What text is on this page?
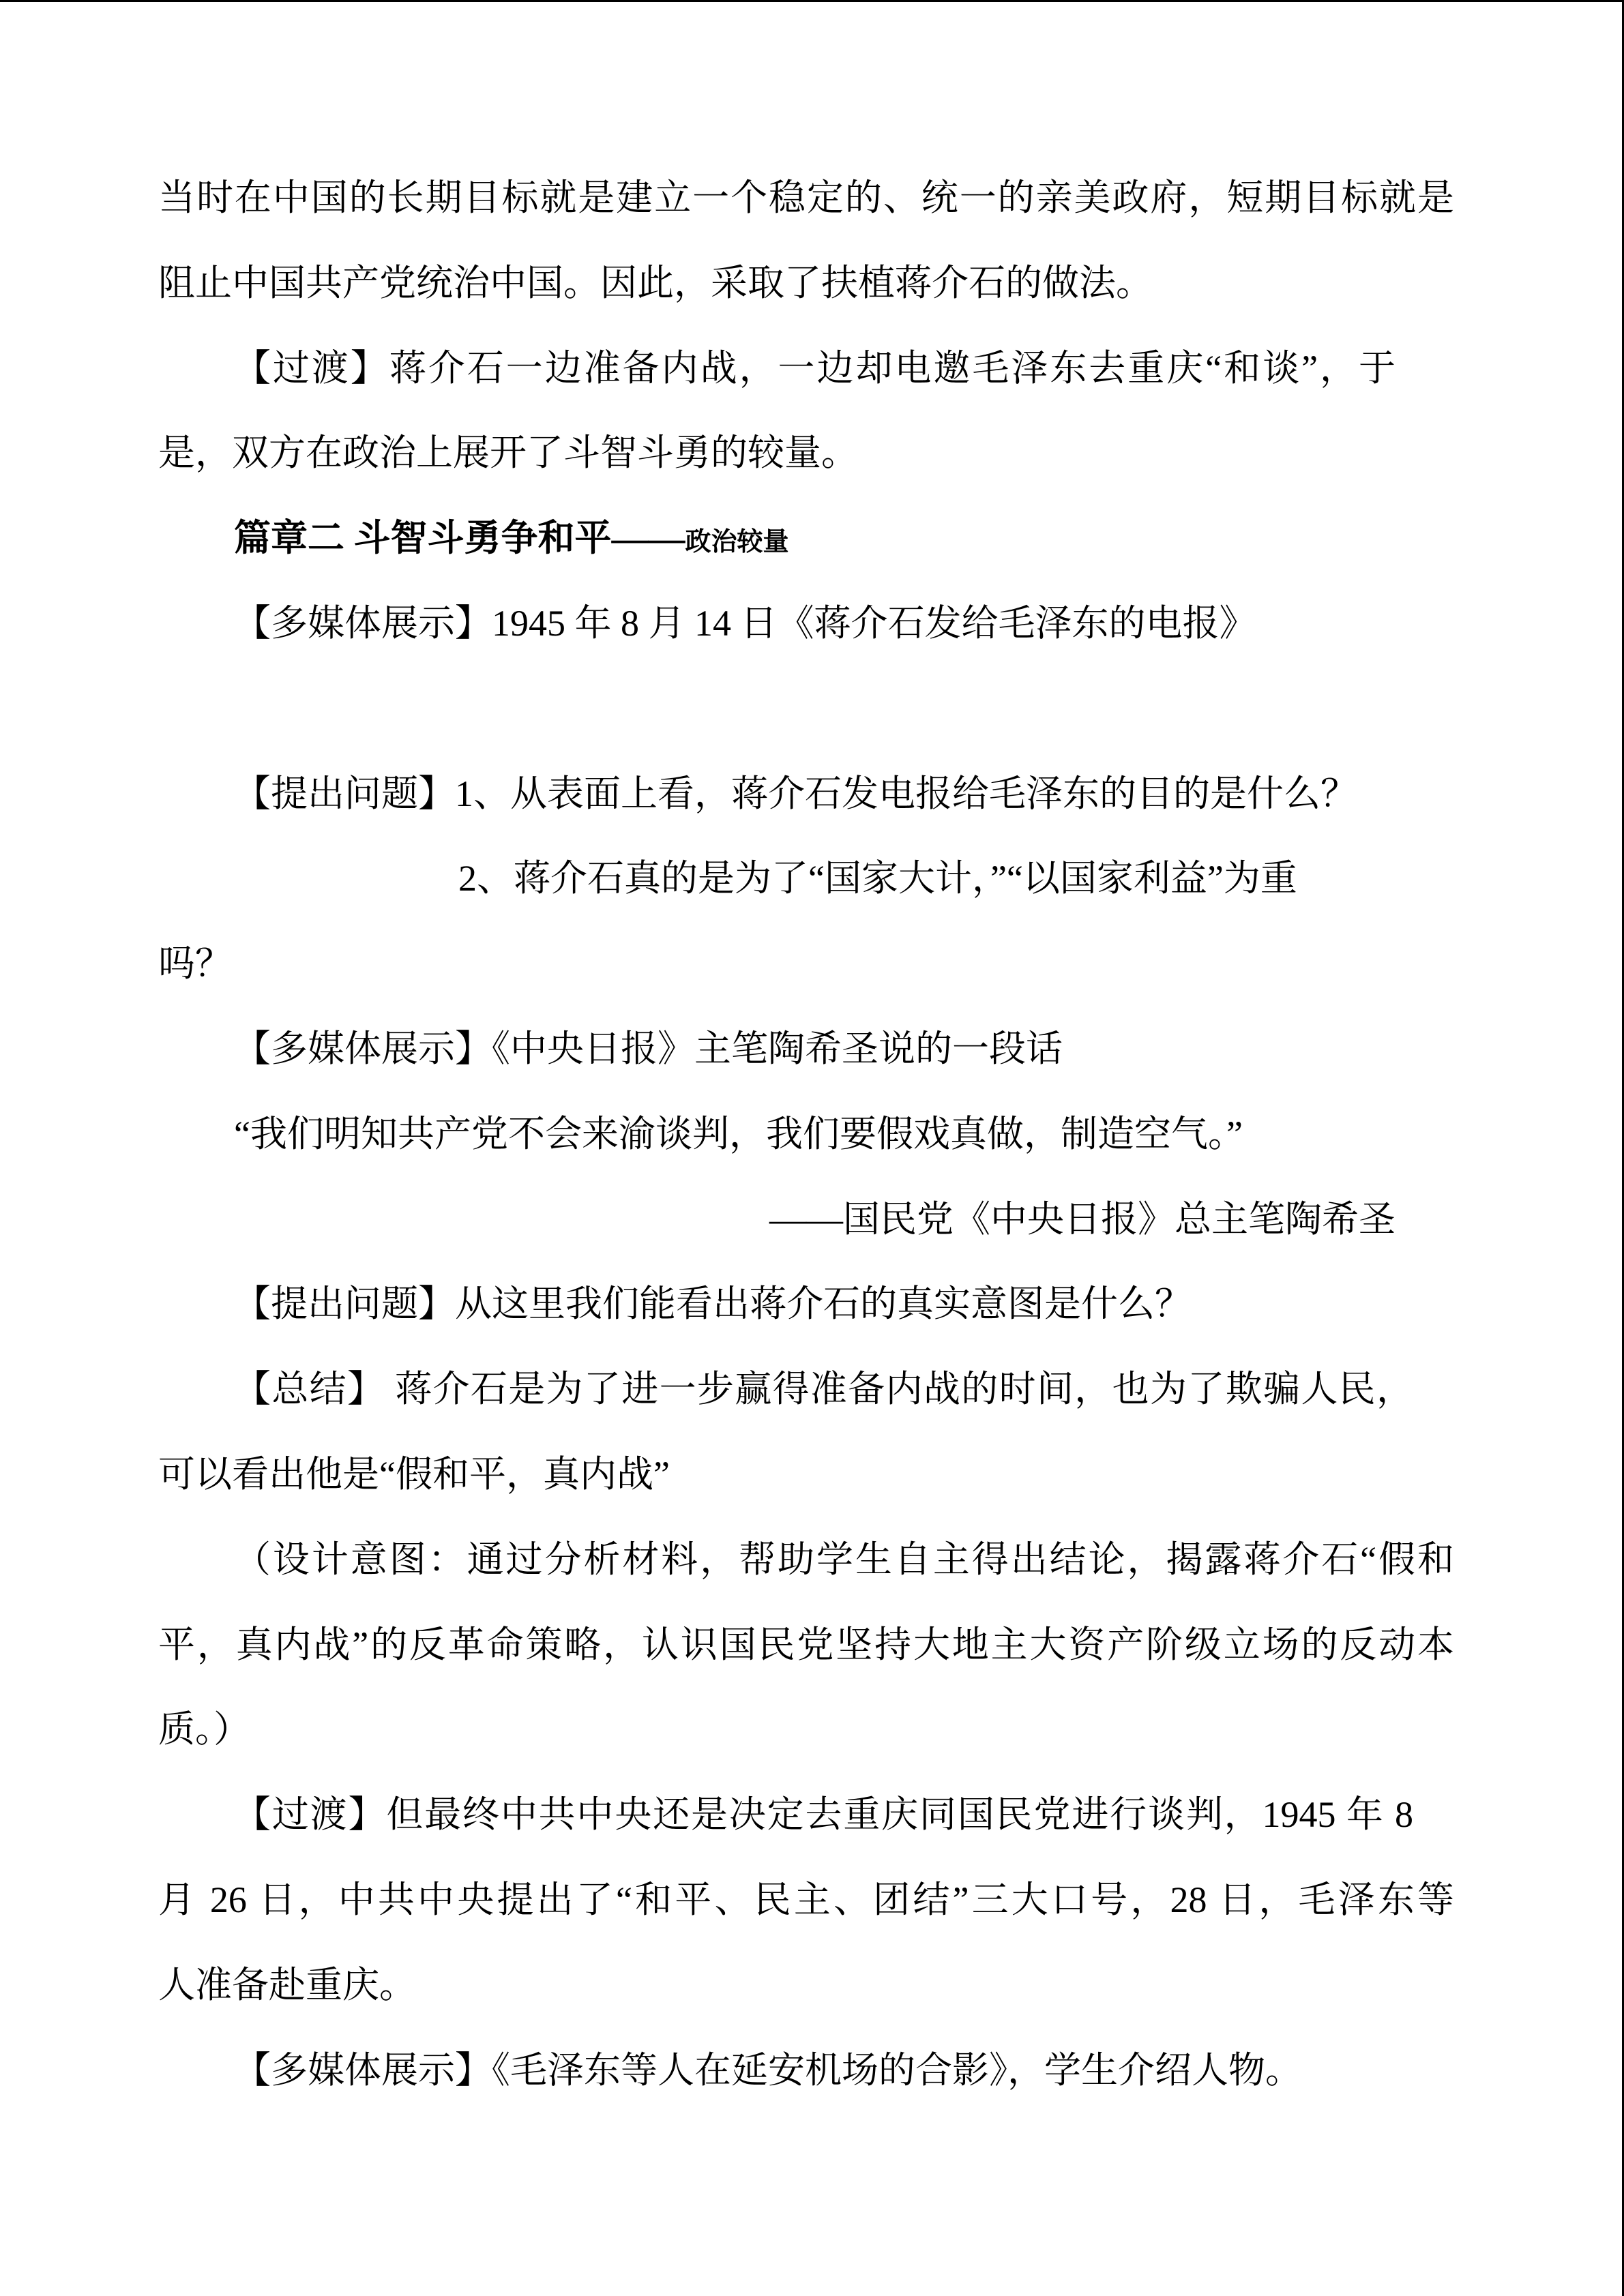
当时在中国的长期目标就是建立一个稳定的、统一的亲美政府，短期目标就是
阻止中国共产党统治中国。因此，采取了扶植蒋介石的做法。
【过渡】蒋介石一边准备内战，一边却电邀毛泽东去重庆“和谈”，于
是，双方在政治上展开了斗智斗勇的较量。
篇章二 斗智斗勇争和平——政治较量
【多媒体展示】1945 年 8 月 14 日《蒋介石发给毛泽东的电报》
【提出问题】1、从表面上看，蒋介石发电报给毛泽东的目的是什么？
2、蒋介石真的是为了“国家大计，”“以国家利益”为重
吗？
【多媒体展示】《中央日报》主笔陶希圣说的一段话
“我们明知共产党不会来渝谈判，我们要假戏真做，制造空气。”
——国民党《中央日报》总主笔陶希圣
【提出问题】从这里我们能看出蒋介石的真实意图是什么？
【总结】 蒋介石是为了进一步赢得准备内战的时间，也为了欺骗人民，
可以看出他是“假和平，真内战”
（设计意图：通过分析材料，帮助学生自主得出结论，揭露蒋介石“假和
平，真内战”的反革命策略，认识国民党坚持大地主大资产阶级立场的反动本
质。）
【过渡】但最终中共中央还是决定去重庆同国民党进行谈判，1945 年 8
月 26 日，中共中央提出了“和平、民主、团结”三大口号，28 日，毛泽东等
人准备赴重庆。
【多媒体展示】《毛泽东等人在延安机场的合影》，学生介绍人物。
